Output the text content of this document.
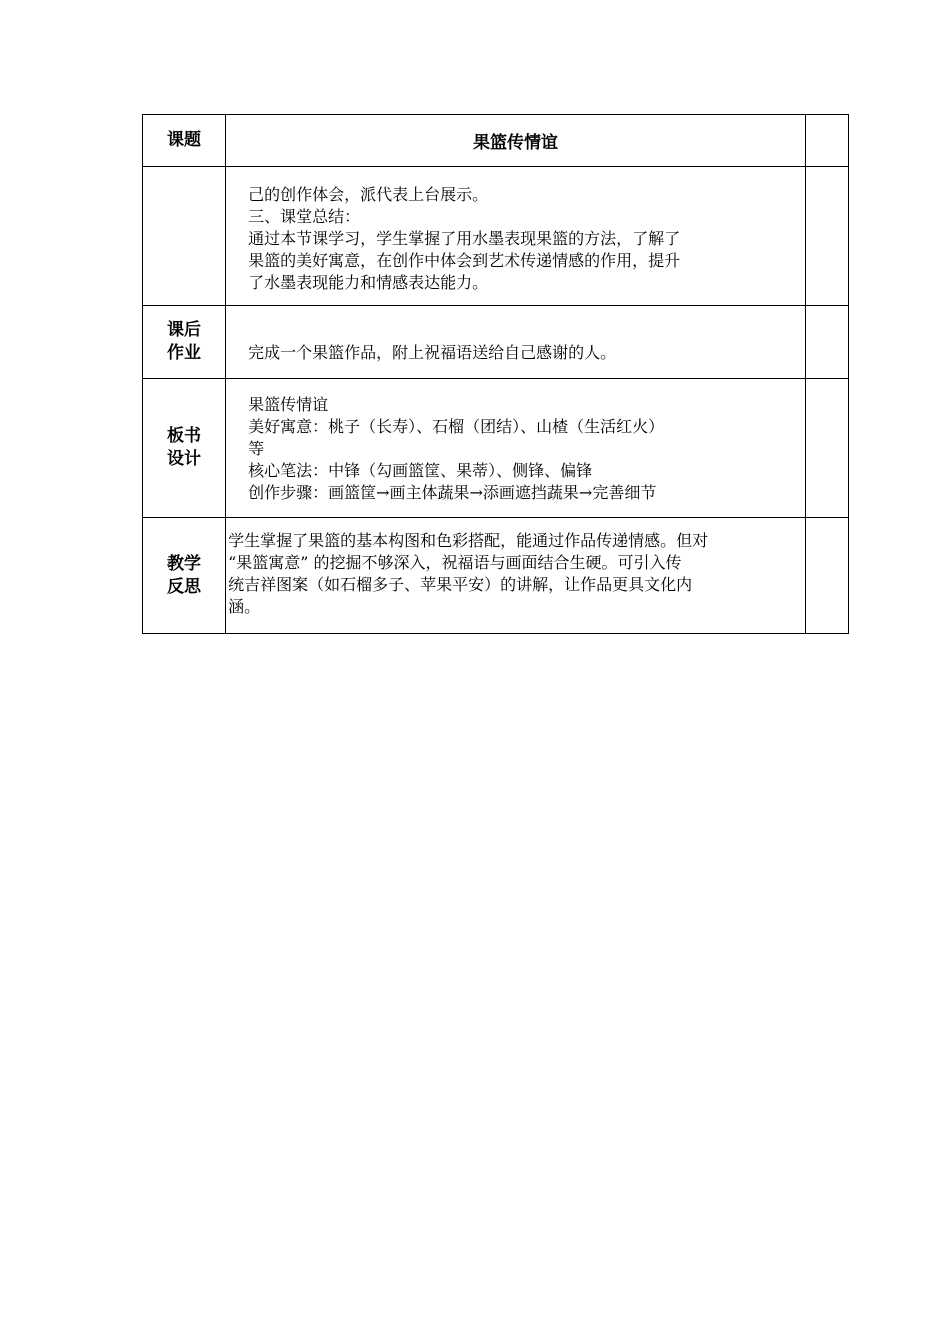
课题	果篮传情谊	

	己的创作体会，派代表上台展示。
三、课堂总结：
通过本节课学习，学生掌握了用水墨表现果篮的方法，了解了
果篮的美好寓意，在创作中体会到艺术传递情感的作用，提升
了水墨表现能力和情感表达能力。	

课后
作业	完成一个果篮作品，附上祝福语送给自己感谢的人。	

板书
设计	果篮传情谊
美好寓意：桃子（长寿）、石榴（团结）、山楂（生活红火）
等
核心笔法：中锋（勾画篮筐、果蒂）、侧锋、偏锋
创作步骤：画篮筐→画主体蔬果→添画遮挡蔬果→完善细节	

教学
反思	学生掌握了果篮的基本构图和色彩搭配，能通过作品传递情感。但对
“果篮寓意” 的挖掘不够深入，祝福语与画面结合生硬。可引入传
统吉祥图案（如石榴多子、苹果平安）的讲解，让作品更具文化内
涵。	
